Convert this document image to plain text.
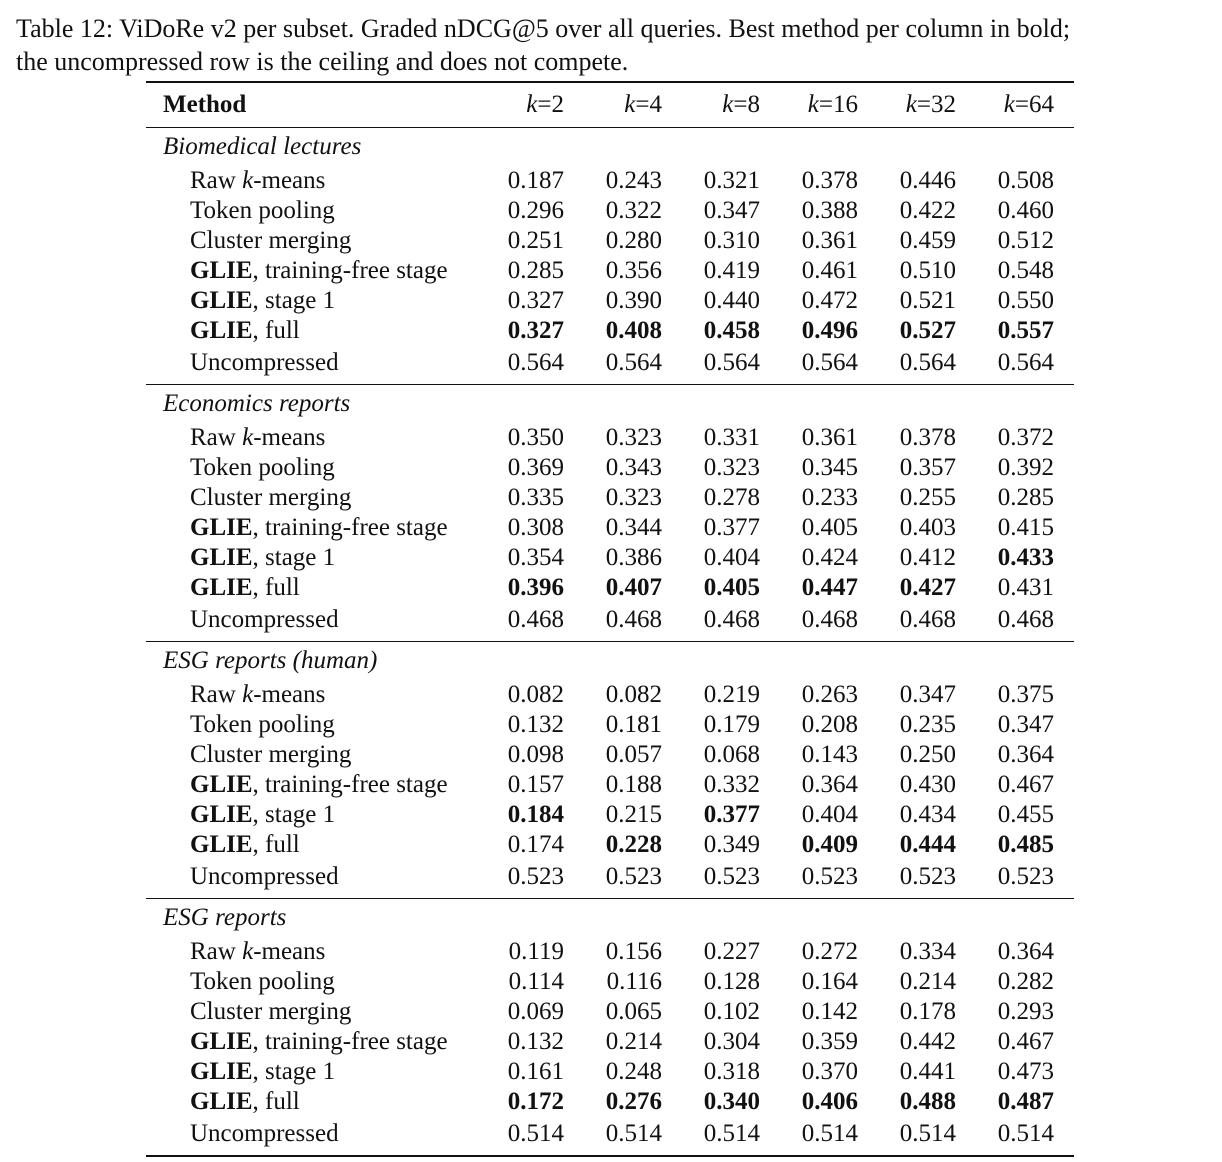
Table 12: ViDoRe v2 per subset. Graded nDCG@5 over all queries. Best method per column in bold;
the uncompressed row is the ceiling and does not compete.

Method	k=2	k=4	k=8	k=16	k=32	k=64
Biomedical lectures						
Raw k-means	0.187	0.243	0.321	0.378	0.446	0.508
Token pooling	0.296	0.322	0.347	0.388	0.422	0.460
Cluster merging	0.251	0.280	0.310	0.361	0.459	0.512
GLIE, training-free stage	0.285	0.356	0.419	0.461	0.510	0.548
GLIE, stage 1	0.327	0.390	0.440	0.472	0.521	0.550
GLIE, full	0.327	0.408	0.458	0.496	0.527	0.557
Uncompressed	0.564	0.564	0.564	0.564	0.564	0.564
Economics reports						
Raw k-means	0.350	0.323	0.331	0.361	0.378	0.372
Token pooling	0.369	0.343	0.323	0.345	0.357	0.392
Cluster merging	0.335	0.323	0.278	0.233	0.255	0.285
GLIE, training-free stage	0.308	0.344	0.377	0.405	0.403	0.415
GLIE, stage 1	0.354	0.386	0.404	0.424	0.412	0.433
GLIE, full	0.396	0.407	0.405	0.447	0.427	0.431
Uncompressed	0.468	0.468	0.468	0.468	0.468	0.468
ESG reports (human)						
Raw k-means	0.082	0.082	0.219	0.263	0.347	0.375
Token pooling	0.132	0.181	0.179	0.208	0.235	0.347
Cluster merging	0.098	0.057	0.068	0.143	0.250	0.364
GLIE, training-free stage	0.157	0.188	0.332	0.364	0.430	0.467
GLIE, stage 1	0.184	0.215	0.377	0.404	0.434	0.455
GLIE, full	0.174	0.228	0.349	0.409	0.444	0.485
Uncompressed	0.523	0.523	0.523	0.523	0.523	0.523
ESG reports						
Raw k-means	0.119	0.156	0.227	0.272	0.334	0.364
Token pooling	0.114	0.116	0.128	0.164	0.214	0.282
Cluster merging	0.069	0.065	0.102	0.142	0.178	0.293
GLIE, training-free stage	0.132	0.214	0.304	0.359	0.442	0.467
GLIE, stage 1	0.161	0.248	0.318	0.370	0.441	0.473
GLIE, full	0.172	0.276	0.340	0.406	0.488	0.487
Uncompressed	0.514	0.514	0.514	0.514	0.514	0.514
